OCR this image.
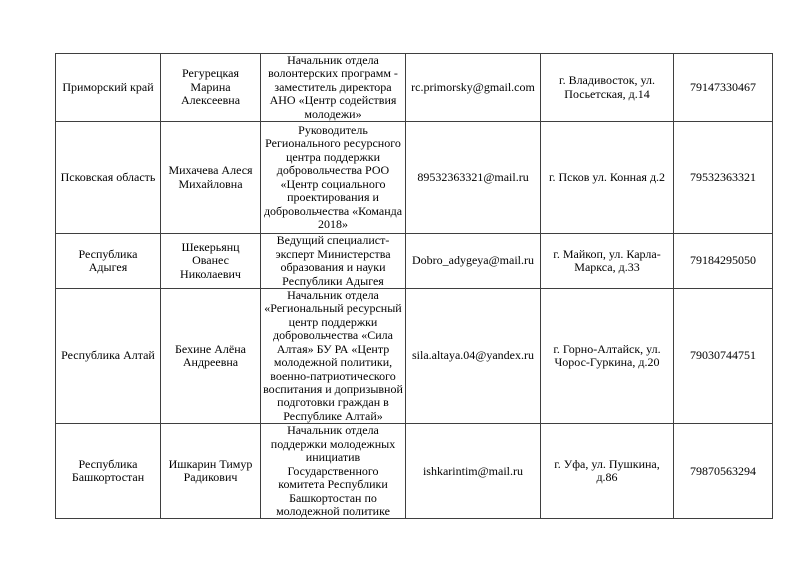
Приморский край	Регурецкая Марина Алексеевна	Начальник отдела волонтерских программ - заместитель директора АНО «Центр содействия молодежи»	rc.primorsky@gmail.com	г. Владивосток, ул. Посьетская, д.14	79147330467
Псковская область	Михачева Алеся Михайловна	Руководитель Регионального ресурсного центра поддержки добровольчества РОО «Центр социального проектирования и добровольчества «Команда 2018»	89532363321@mail.ru	г. Псков ул. Конная д.2	79532363321
Республика Адыгея	Шекерьянц Ованес Николаевич	Ведущий специалист-эксперт Министерства образования и науки Республики Адыгея	Dobro_adygeya@mail.ru	г. Майкоп, ул. Карла-Маркса, д.33	79184295050
Республика Алтай	Бехине Алёна Андреевна	Начальник отдела «Региональный ресурсный центр поддержки добровольчества «Сила Алтая» БУ РА «Центр молодежной политики, военно-патриотического воспитания и допризывной подготовки граждан в Республике Алтай»	sila.altaya.04@yandex.ru	г. Горно-Алтайск, ул. Чорос-Гуркина, д.20	79030744751
Республика Башкортостан	Ишкарин Тимур Радикович	Начальник отдела поддержки молодежных инициатив Государственного комитета Республики Башкортостан по молодежной политике	ishkarintim@mail.ru	г. Уфа, ул. Пушкина, д.86	79870563294
